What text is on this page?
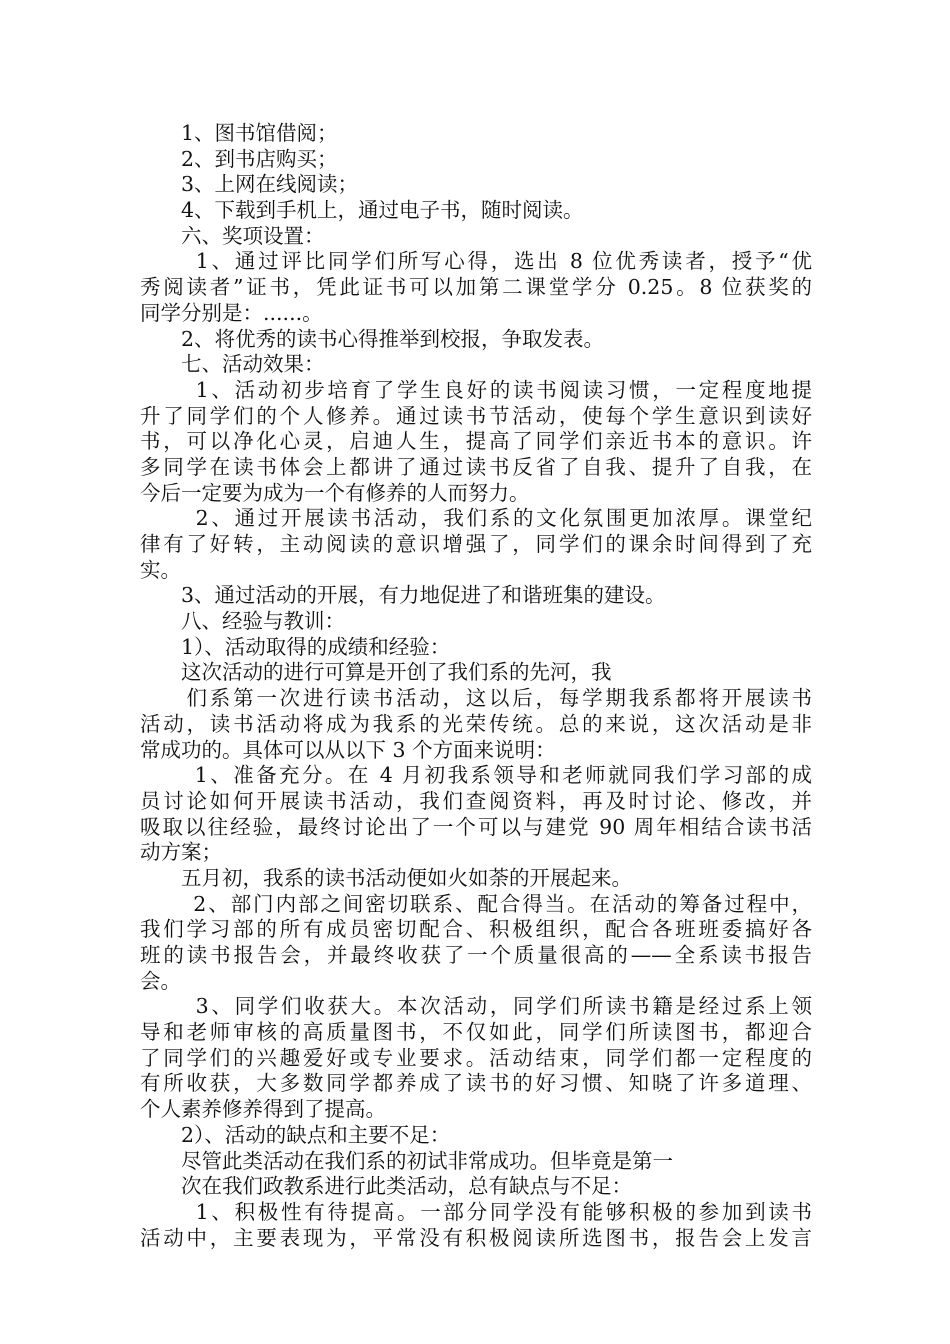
　　1、图书馆借阅；
　　2、到书店购买；
　　3、上网在线阅读；
　　4、下载到手机上，通过电子书，随时阅读。
　　六、奖项设置：
　　 1、通过评比同学们所写心得，选出 8 位优秀读者，授予“优
秀阅读者”证书，凭此证书可以加第二课堂学分 0.25。8 位获奖的
同学分别是：......。
　　2、将优秀的读书心得推举到校报，争取发表。
　　七、活动效果：
　　 1、活动初步培育了学生良好的读书阅读习惯，一定程度地提
升了同学们的个人修养。通过读书节活动，使每个学生意识到读好
书，可以净化心灵，启迪人生，提高了同学们亲近书本的意识。许
多同学在读书体会上都讲了通过读书反省了自我、提升了自我，在
今后一定要为成为一个有修养的人而努力。
　　 2、通过开展读书活动，我们系的文化氛围更加浓厚。课堂纪
律有了好转，主动阅读的意识增强了，同学们的课余时间得到了充
实。
　　3、通过活动的开展，有力地促进了和谐班集的建设。
　　八、经验与教训：
　　1）、活动取得的成绩和经验：
　　这次活动的进行可算是开创了我们系的先河，我
　　们系第一次进行读书活动，这以后，每学期我系都将开展读书
活动，读书活动将成为我系的光荣传统。总的来说，这次活动是非
常成功的。具体可以从以下 3 个方面来说明：
　　 1、准备充分。在 4 月初我系领导和老师就同我们学习部的成
员讨论如何开展读书活动，我们查阅资料，再及时讨论、修改，并
吸取以往经验，最终讨论出了一个可以与建党 90 周年相结合读书活
动方案；
　　五月初，我系的读书活动便如火如荼的开展起来。
　　 2、部门内部之间密切联系、配合得当。在活动的筹备过程中，
我们学习部的所有成员密切配合、积极组织，配合各班班委搞好各
班的读书报告会，并最终收获了一个质量很高的——全系读书报告
会。
　　 3、同学们收获大。本次活动，同学们所读书籍是经过系上领
导和老师审核的高质量图书，不仅如此，同学们所读图书，都迎合
了同学们的兴趣爱好或专业要求。活动结束，同学们都一定程度的
有所收获，大多数同学都养成了读书的好习惯、知晓了许多道理、
个人素养修养得到了提高。
　　2）、活动的缺点和主要不足：
　　尽管此类活动在我们系的初试非常成功。但毕竟是第一
　　次在我们政教系进行此类活动，总有缺点与不足：
　　 1、积极性有待提高。一部分同学没有能够积极的参加到读书
活动中，主要表现为，平常没有积极阅读所选图书，报告会上发言
